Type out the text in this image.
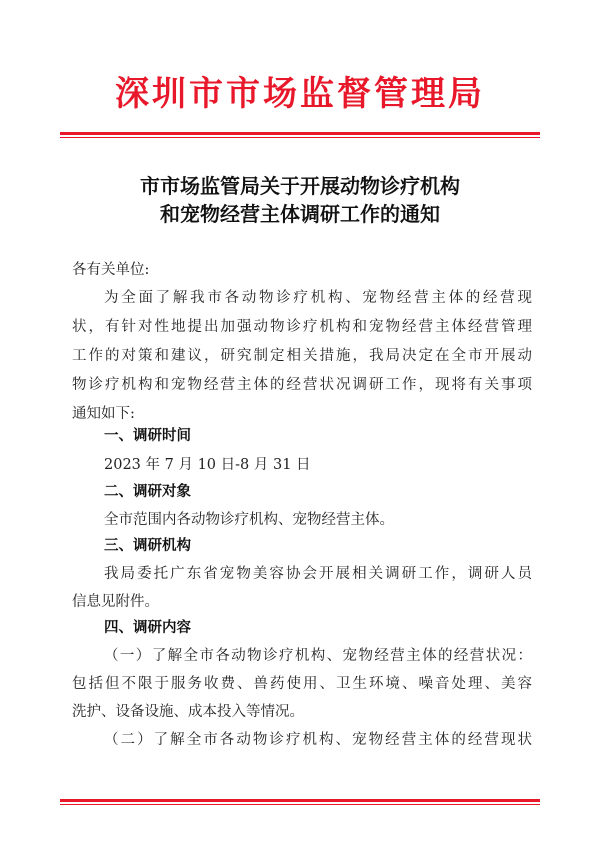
深圳市市场监督管理局
市市场监管局关于开展动物诊疗机构
和宠物经营主体调研工作的通知
各有关单位:
为全面了解我市各动物诊疗机构、宠物经营主体的经营现
状，有针对性地提出加强动物诊疗机构和宠物经营主体经营管理
工作的对策和建议，研究制定相关措施，我局决定在全市开展动
物诊疗机构和宠物经营主体的经营状况调研工作，现将有关事项
通知如下:
一、调研时间
2023 年 7 月 10 日-8 月 31 日
二、调研对象
全市范围内各动物诊疗机构、宠物经营主体。
三、调研机构
我局委托广东省宠物美容协会开展相关调研工作，调研人员
信息见附件。
四、调研内容
（一）了解全市各动物诊疗机构、宠物经营主体的经营状况：
包括但不限于服务收费、兽药使用、卫生环境、噪音处理、美容
洗护、设备设施、成本投入等情况。
（二）了解全市各动物诊疗机构、宠物经营主体的经营现状
